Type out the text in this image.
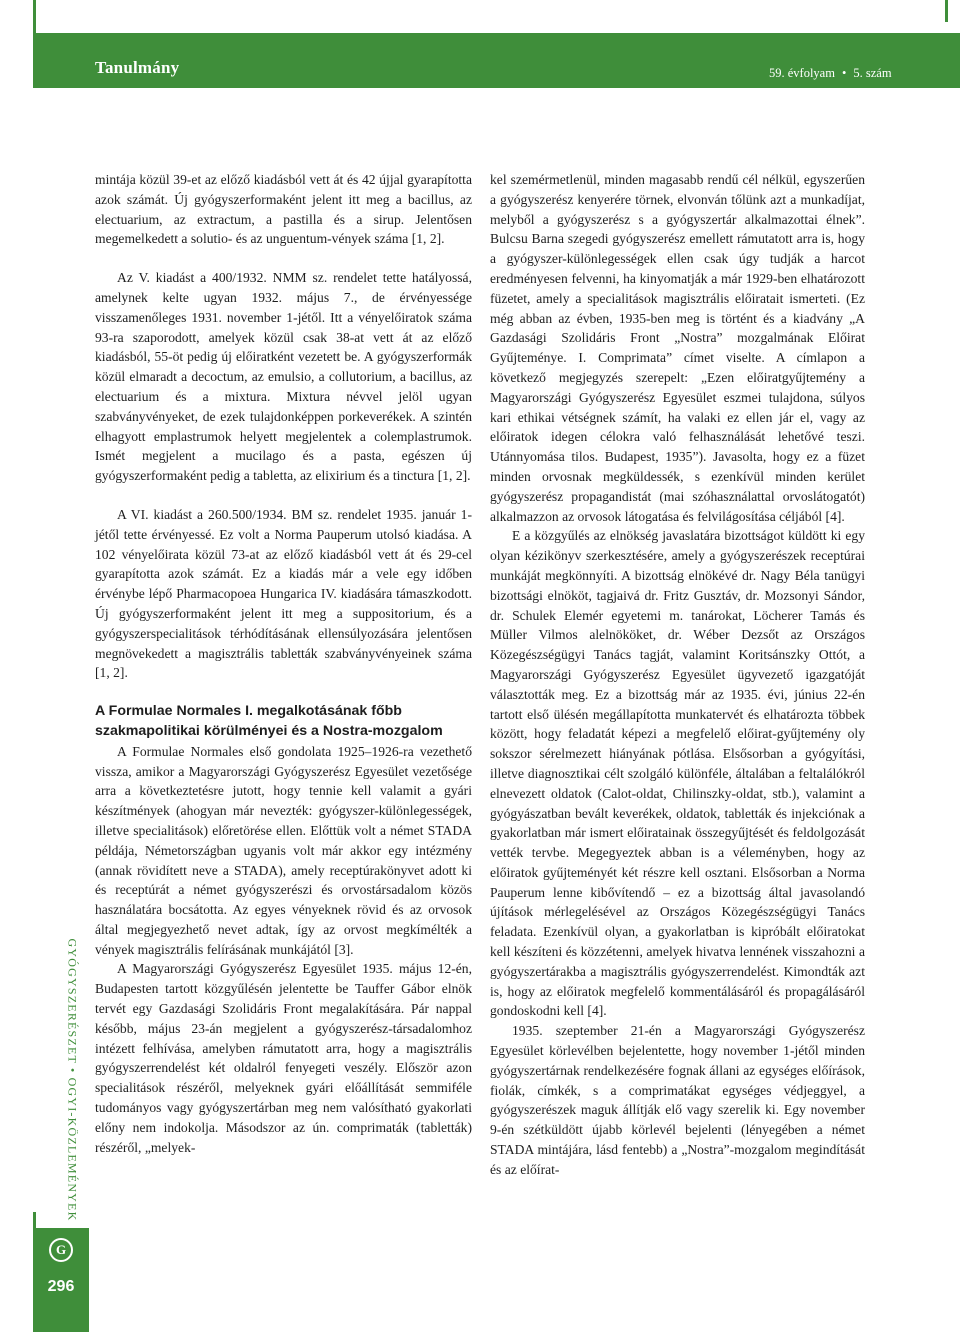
Tanulmány	59. évfolyam • 5. szám

mintája közül 39-et az előző kiadásból vett át és 42 újjal gyarapította azok számát. Új gyógyszerformaként jelent itt meg a bacillus, az electuarium, az extractum, a pastilla és a sirup. Jelentősen megemelkedett a solutio- és az unguentum-vények száma [1, 2].

Az V. kiadást a 400/1932. NMM sz. rendelet tette hatályossá, amelynek kelte ugyan 1932. május 7., de érvényessége visszamenőleges 1931. november 1-jétől. Itt a vényelőiratok száma 93-ra szaporodott, amelyek közül csak 38-at vett át az előző kiadásból, 55-öt pedig új előiratként vezetett be. A gyógyszerformák közül elmaradt a decoctum, az emulsio, a collutorium, a bacillus, az electuarium és a mixtura. Mixtura névvel jelöl ugyan szabványvényeket, de ezek tulajdonképpen porkeverékek. A szintén elhagyott emplastrumok helyett megjelentek a colemplastrumok. Ismét megjelent a mucilago és a pasta, egészen új gyógyszerformaként pedig a tabletta, az elixirium és a tinctura [1, 2].

A VI. kiadást a 260.500/1934. BM sz. rendelet 1935. január 1-jétől tette érvényessé. Ez volt a Norma Pauperum utolsó kiadása. A 102 vényelőirata közül 73-at az előző kiadásból vett át és 29-cel gyarapította azok számát. Ez a kiadás már a vele egy időben érvénybe lépő Pharmacopoea Hungarica IV. kiadására támaszkodott. Új gyógyszerformaként jelent itt meg a suppositorium, és a gyógyszerspecialitások térhódításának ellensúlyozására jelentősen megnövekedett a magisztrális tabletták szabványvényeinek száma [1, 2].

A Formulae Normales I. megalkotásának főbb szakmapolitikai körülményei és a Nostra-mozgalom

A Formulae Normales első gondolata 1925–1926-ra vezethető vissza, amikor a Magyarországi Gyógyszerész Egyesület vezetősége arra a következtetésre jutott, hogy tennie kell valamit a gyári készítmények (ahogyan már nevezték: gyógyszer-különlegességek, illetve specialitások) előretörése ellen. Előttük volt a német STADA példája, Németországban ugyanis volt már akkor egy intézmény (annak rövidített neve a STADA), amely receptúrakönyvet adott ki és receptúrát a német gyógyszerészi és orvostársadalom közös használatára bocsátotta. Az egyes vényeknek rövid és az orvosok által megjegyezhető nevet adtak, így az orvost megkímélték a vények magisztrális felírásának munkájától [3].

A Magyarországi Gyógyszerész Egyesület 1935. május 12-én, Budapesten tartott közgyűlésén jelentette be Tauffer Gábor elnök tervét egy Gazdasági Szolidáris Front megalakítására. Pár nappal később, május 23-án megjelent a gyógyszerész-társadalomhoz intézett felhívása, amelyben rámutatott arra, hogy a magisztrális gyógyszerrendelést két oldalról fenyegeti veszély. Először azon specialitások részéről, melyeknek gyári előállítását semmiféle tudományos vagy gyógyszertárban meg nem valósítható gyakorlati előny nem indokolja. Másodszor az ún. comprimaták (tabletták) részéről, „melyek-

kel szemérmetlenül, minden magasabb rendű cél nélkül, egyszerűen a gyógyszerész kenyerére törnek, elvonván tőlünk azt a munkadíjat, melyből a gyógyszerész s a gyógyszertár alkalmazottai élnek”. Bulcsu Barna szegedi gyógyszerész emellett rámutatott arra is, hogy a gyógyszer-különlegességek ellen csak úgy tudják a harcot eredményesen felvenni, ha kinyomatják a már 1929-ben elhatározott füzetet, amely a specialitások magisztrális előiratait ismerteti. (Ez még abban az évben, 1935-ben meg is történt és a kiadvány „A Gazdasági Szolidáris Front „Nostra” mozgalmának Előirat Gyűjteménye. I. Comprimata” címet viselte. A címlapon a következő megjegyzés szerepelt: „Ezen előiratgyűjtemény a Magyarországi Gyógyszerész Egyesület eszmei tulajdona, súlyos kari ethikai vétségnek számít, ha valaki ez ellen jár el, vagy az előiratok idegen célokra való felhasználását lehetővé teszi. Utánnyomása tilos. Budapest, 1935”). Javasolta, hogy ez a füzet minden orvosnak megküldessék, s ezenkívül minden kerület gyógyszerész propagandistát (mai szóhasználattal orvoslátogatót) alkalmazzon az orvosok látogatása és felvilágosítása céljából [4].

E a közgyűlés az elnökség javaslatára bizottságot küldött ki egy olyan kézikönyv szerkesztésére, amely a gyógyszerészek receptúrai munkáját megkönnyíti. A bizottság elnökévé dr. Nagy Béla tanügyi bizottsági elnököt, tagjaivá dr. Fritz Gusztáv, dr. Mozsonyi Sándor, dr. Schulek Elemér egyetemi m. tanárokat, Löcherer Tamás és Müller Vilmos alelnököket, dr. Wéber Dezsőt az Országos Közegészségügyi Tanács tagját, valamint Koritsánszky Ottót, a Magyarországi Gyógyszerész Egyesület ügyvezető igazgatóját választották meg. Ez a bizottság már az 1935. évi, június 22-én tartott első ülésén megállapította munkatervét és elhatározta többek között, hogy feladatát képezi a megfelelő előirat-gyűjtemény oly sokszor sérelmezett hiányának pótlása. Elsősorban a gyógyítási, illetve diagnosztikai célt szolgáló különféle, általában a feltalálókról elnevezett oldatok (Calot-oldat, Chilinszky-oldat, stb.), valamint a gyógyászatban bevált keverékek, oldatok, tabletták és injekciónak a gyakorlatban már ismert előiratainak összegyűjtését és feldolgozását vették tervbe. Megegyeztek abban is a véleményben, hogy az előiratok gyűjteményét két részre kell osztani. Elsősorban a Norma Pauperum lenne kibővítendő – ez a bizottság által javasolandó újítások mérlegelésével az Országos Közegészségügyi Tanács feladata. Ezenkívül olyan, a gyakorlatban is kipróbált előiratokat kell készíteni és közzétenni, amelyek hivatva lennének visszahozni a gyógyszertárakba a magisztrális gyógyszerrendelést. Kimondták azt is, hogy az előiratok megfelelő kommentálásáról és propagálásáról gondoskodni kell [4].

1935. szeptember 21-én a Magyarországi Gyógyszerész Egyesület körlevélben bejelentette, hogy november 1-jétől minden gyógyszertárnak rendelkezésére fognak állani az egységes előírások, fiolák, címkék, s a comprimatákat egységes védjeggyel, a gyógyszerészek maguk állítják elő vagy szerelik ki. Egy november 9-én szétküldött újabb körlevél bejelenti (lényegében a német STADA mintájára, lásd fentebb) a „Nostra”-mozgalom megindítását és az előírat-

GYÓGYSZERÉSZET • OGYI-KÖZLEMÉNYEK
G
296
